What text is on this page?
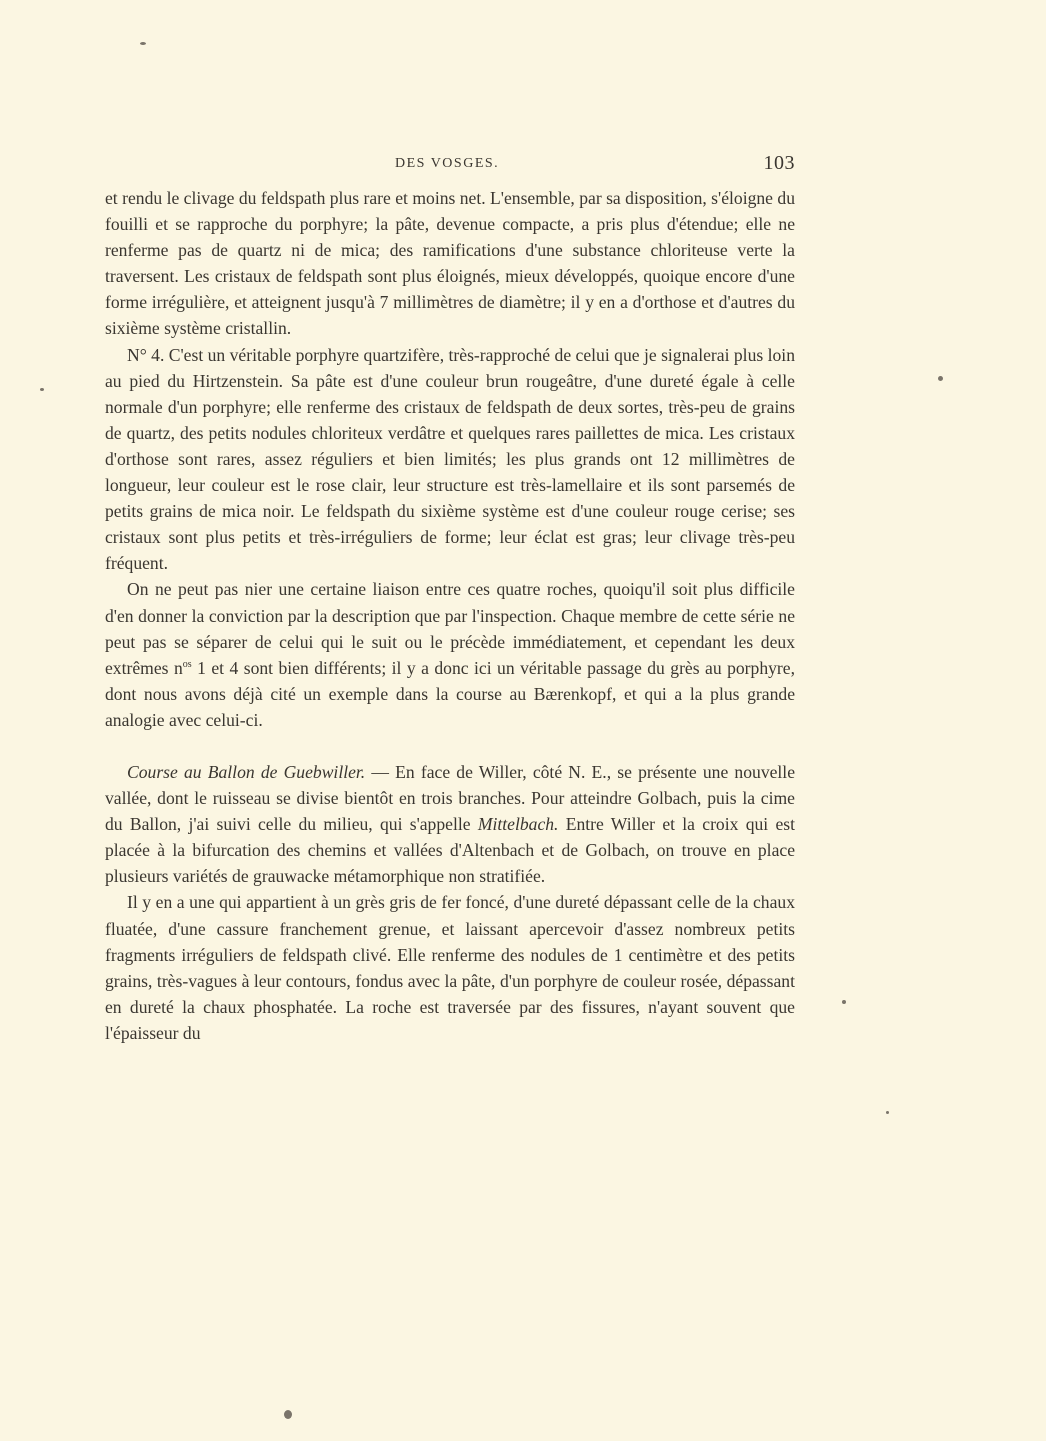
DES VOSGES.	103

et rendu le clivage du feldspath plus rare et moins net. L'ensemble, par sa disposition, s'éloigne du fouilli et se rapproche du porphyre; la pâte, devenue compacte, a pris plus d'étendue; elle ne renferme pas de quartz ni de mica; des ramifications d'une substance chloriteuse verte la traversent. Les cristaux de feldspath sont plus éloignés, mieux développés, quoique encore d'une forme irrégulière, et atteignent jusqu'à 7 millimètres de diamètre; il y en a d'orthose et d'autres du sixième système cristallin.

N° 4. C'est un véritable porphyre quartzifère, très-rapproché de celui que je signalerai plus loin au pied du Hirtzenstein. Sa pâte est d'une couleur brun rougeâtre, d'une dureté égale à celle normale d'un porphyre; elle renferme des cristaux de feldspath de deux sortes, très-peu de grains de quartz, des petits nodules chloriteux verdâtre et quelques rares paillettes de mica. Les cristaux d'orthose sont rares, assez réguliers et bien limités; les plus grands ont 12 millimètres de longueur, leur couleur est le rose clair, leur structure est très-lamellaire et ils sont parsemés de petits grains de mica noir. Le feldspath du sixième système est d'une couleur rouge cerise; ses cristaux sont plus petits et très-irréguliers de forme; leur éclat est gras; leur clivage très-peu fréquent.

On ne peut pas nier une certaine liaison entre ces quatre roches, quoiqu'il soit plus difficile d'en donner la conviction par la description que par l'inspection. Chaque membre de cette série ne peut pas se séparer de celui qui le suit ou le précède immédiatement, et cependant les deux extrêmes $n^{os}$ 1 et 4 sont bien différents; il y a donc ici un véritable passage du grès au porphyre, dont nous avons déjà cité un exemple dans la course au Bærenkopf, et qui a la plus grande analogie avec celui-ci.

Course au Ballon de Guebwiller. — En face de Willer, côté N. E., se présente une nouvelle vallée, dont le ruisseau se divise bientôt en trois branches. Pour atteindre Golbach, puis la cime du Ballon, j'ai suivi celle du milieu, qui s'appelle Mittelbach. Entre Willer et la croix qui est placée à la bifurcation des chemins et vallées d'Altenbach et de Golbach, on trouve en place plusieurs variétés de grauwacke métamorphique non stratifiée.

Il y en a une qui appartient à un grès gris de fer foncé, d'une dureté dépassant celle de la chaux fluatée, d'une cassure franchement grenue, et laissant apercevoir d'assez nombreux petits fragments irréguliers de feldspath clivé. Elle renferme des nodules de 1 centimètre et des petits grains, très-vagues à leur contours, fondus avec la pâte, d'un porphyre de couleur rosée, dépassant en dureté la chaux phosphatée. La roche est traversée par des fissures, n'ayant souvent que l'épaisseur du
